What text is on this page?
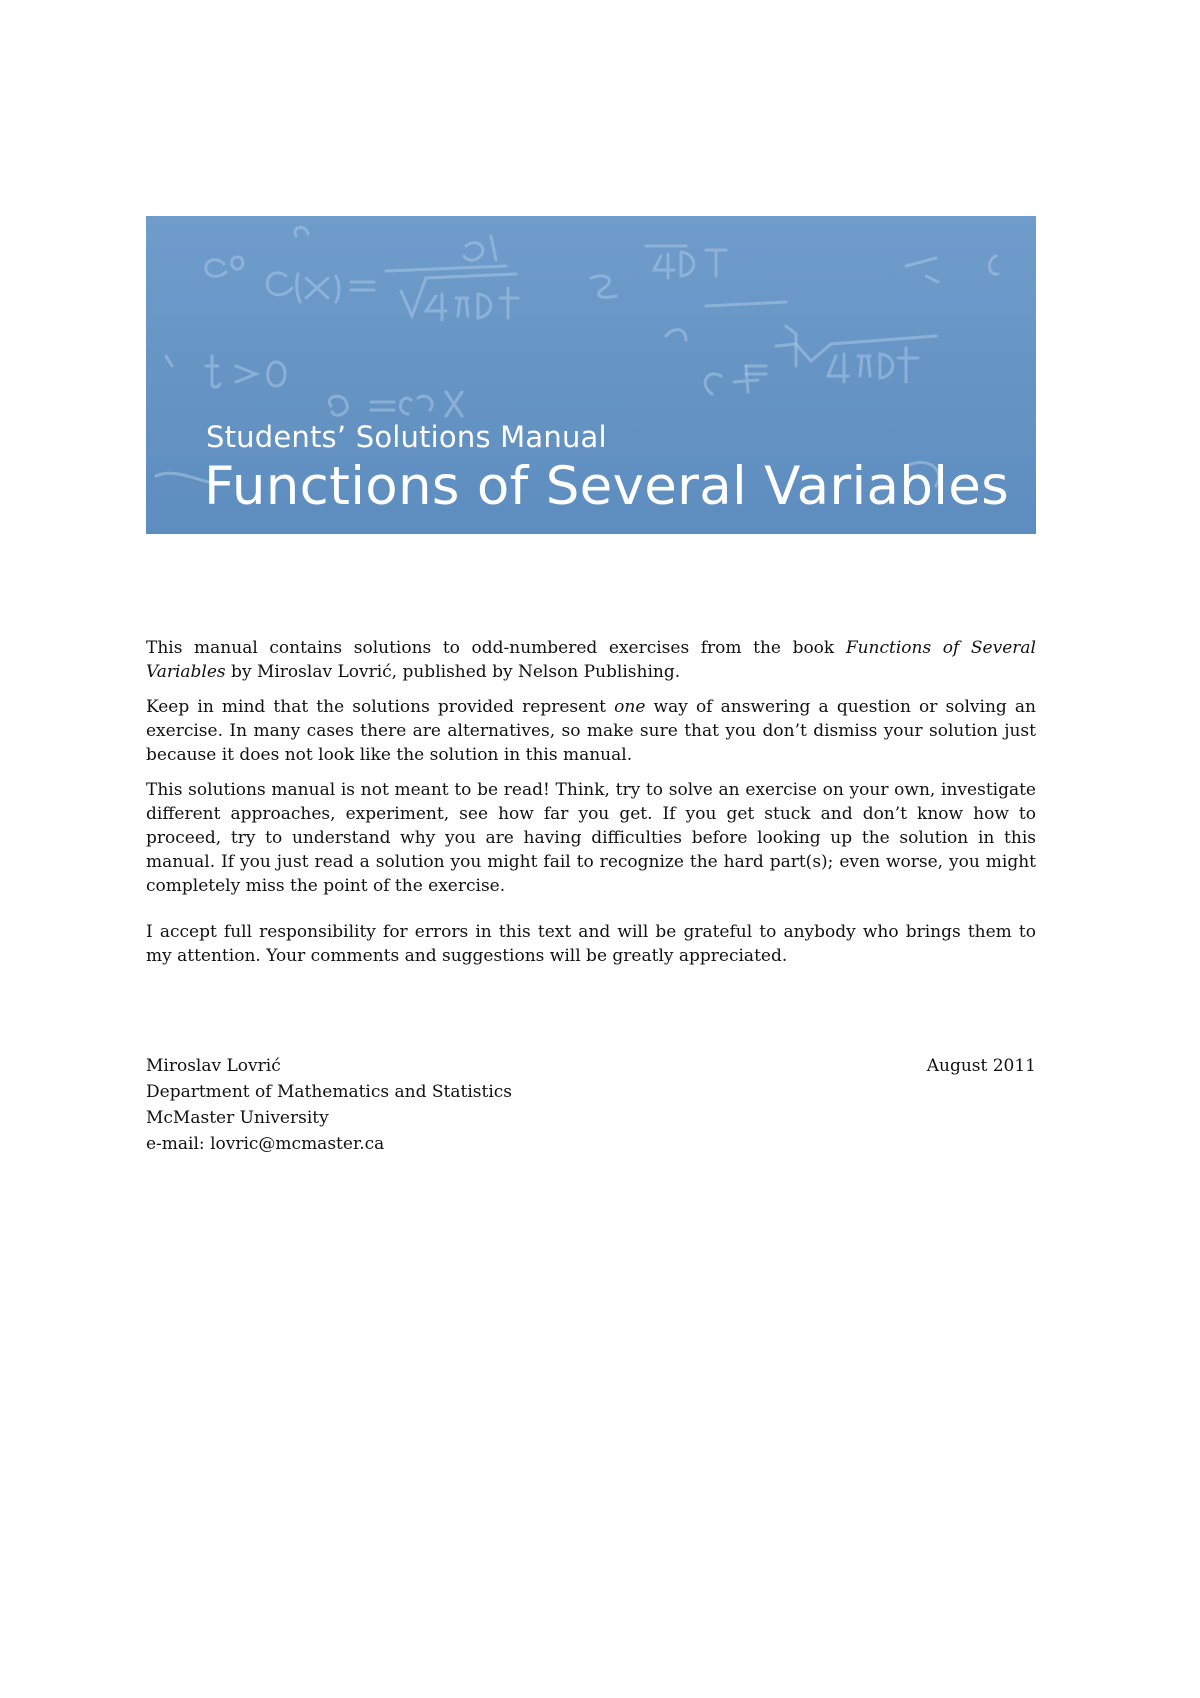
Students’ Solutions Manual
Functions of Several Variables

This manual contains solutions to odd-numbered exercises from the book Functions of Several Variables by Miroslav Lovrić, published by Nelson Publishing.

Keep in mind that the solutions provided represent one way of answering a question or solving an exercise. In many cases there are alternatives, so make sure that you don’t dismiss your solution just because it does not look like the solution in this manual.

This solutions manual is not meant to be read! Think, try to solve an exercise on your own, investigate different approaches, experiment, see how far you get. If you get stuck and don’t know how to proceed, try to understand why you are having difficulties before looking up the solution in this manual. If you just read a solution you might fail to recognize the hard part(s); even worse, you might completely miss the point of the exercise.

I accept full responsibility for errors in this text and will be grateful to anybody who brings them to my attention. Your comments and suggestions will be greatly appreciated.

Miroslav Lovrić
Department of Mathematics and Statistics
McMaster University
e-mail: lovric@mcmaster.ca
August 2011
